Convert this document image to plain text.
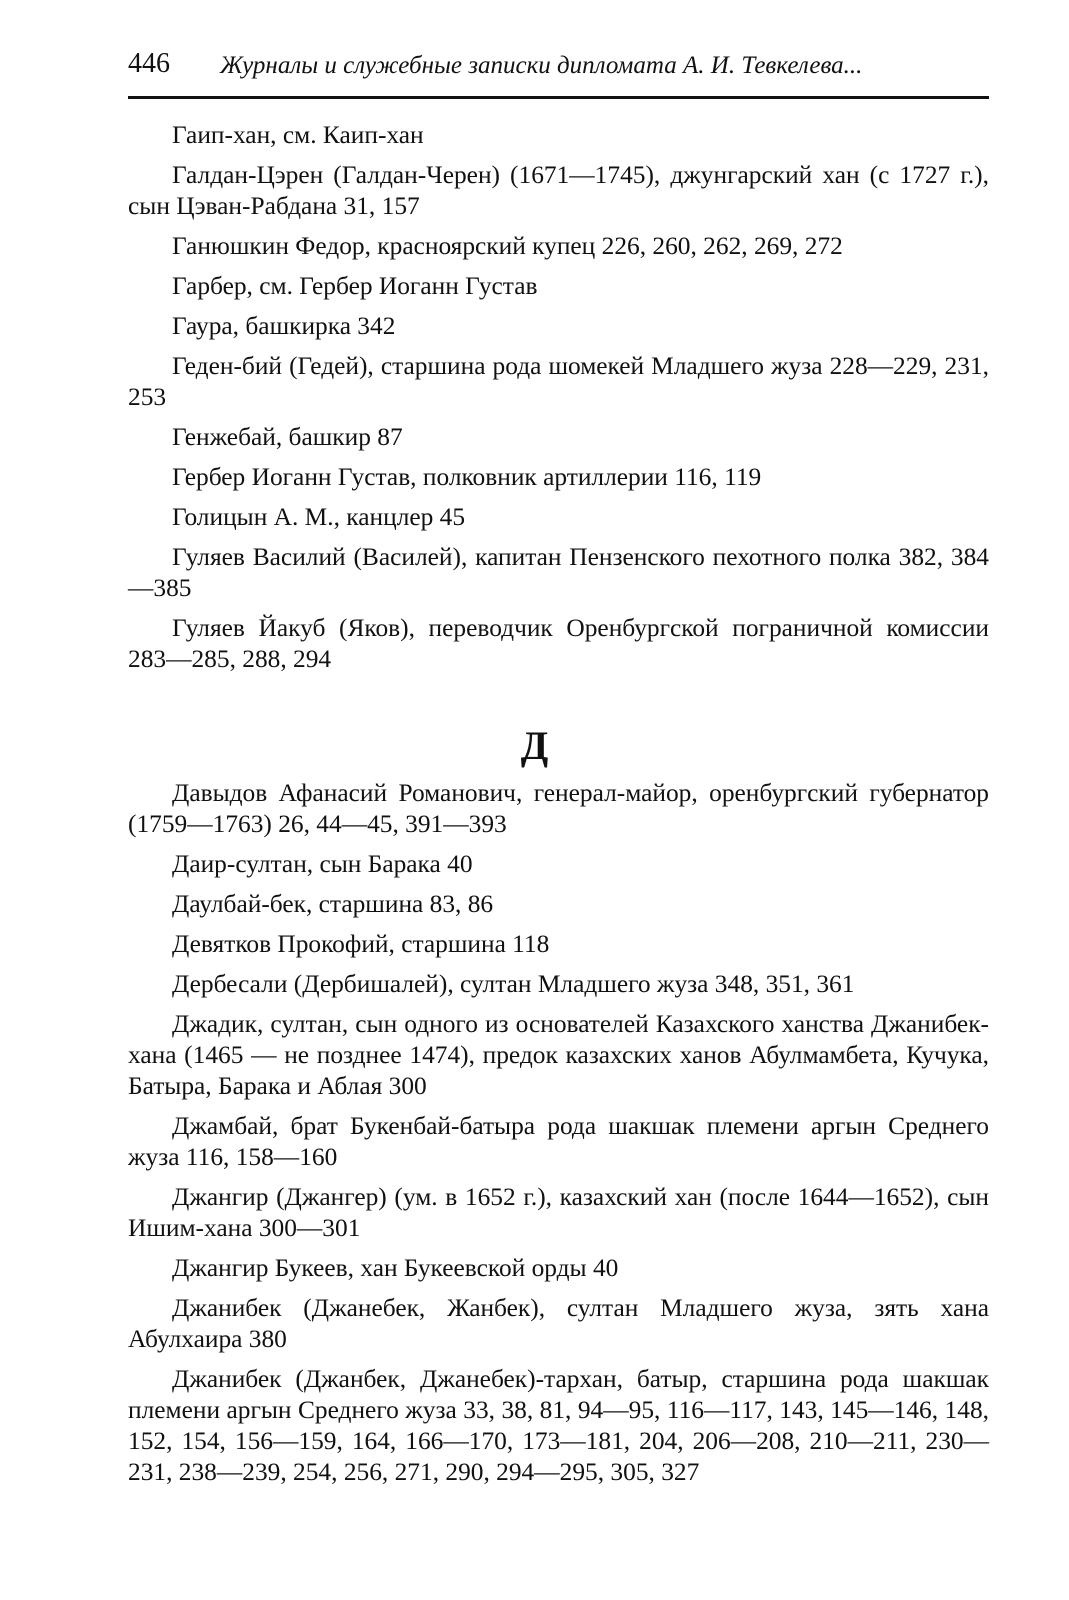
446 Журналы и служебные записки дипломата А. И. Тевкелева...

Гаип-хан, см. Каип-хан

Галдан-Цэрен (Галдан-Черен) (1671—1745), джунгарский хан (с 1727 г.), сын Цэван-Рабдана 31, 157

Ганюшкин Федор, красноярский купец 226, 260, 262, 269, 272

Гарбер, см. Гербер Иоганн Густав

Гаура, башкирка 342

Геден-бий (Гедей), старшина рода шомекей Младшего жуза 228—229, 231, 253

Генжебай, башкир 87

Гербер Иоганн Густав, полковник артиллерии 116, 119

Голицын А. М., канцлер 45

Гуляев Василий (Василей), капитан Пензенского пехотного полка 382, 384—385

Гуляев Йакуб (Яков), переводчик Оренбургской пограничной комиссии 283—285, 288, 294

Д

Давыдов Афанасий Романович, генерал-майор, оренбургский губернатор (1759—1763) 26, 44—45, 391—393

Даир-султан, сын Барака 40

Даулбай-бек, старшина 83, 86

Девятков Прокофий, старшина 118

Дербесали (Дербишалей), султан Младшего жуза 348, 351, 361

Джадик, султан, сын одного из основателей Казахского ханства Джанибек-хана (1465 — не позднее 1474), предок казахских ханов Абулмамбета, Кучука, Батыра, Барака и Аблая 300

Джамбай, брат Букенбай-батыра рода шакшак племени аргын Среднего жуза 116, 158—160

Джангир (Джангер) (ум. в 1652 г.), казахский хан (после 1644—1652), сын Ишим-хана 300—301

Джангир Букеев, хан Букеевской орды 40

Джанибек (Джанебек, Жанбек), султан Младшего жуза, зять хана Абулхаира 380

Джанибек (Джанбек, Джанебек)-тархан, батыр, старшина рода шакшак племени аргын Среднего жуза 33, 38, 81, 94—95, 116—117, 143, 145—146, 148, 152, 154, 156—159, 164, 166—170, 173—181, 204, 206—208, 210—211, 230—231, 238—239, 254, 256, 271, 290, 294—295, 305, 327
